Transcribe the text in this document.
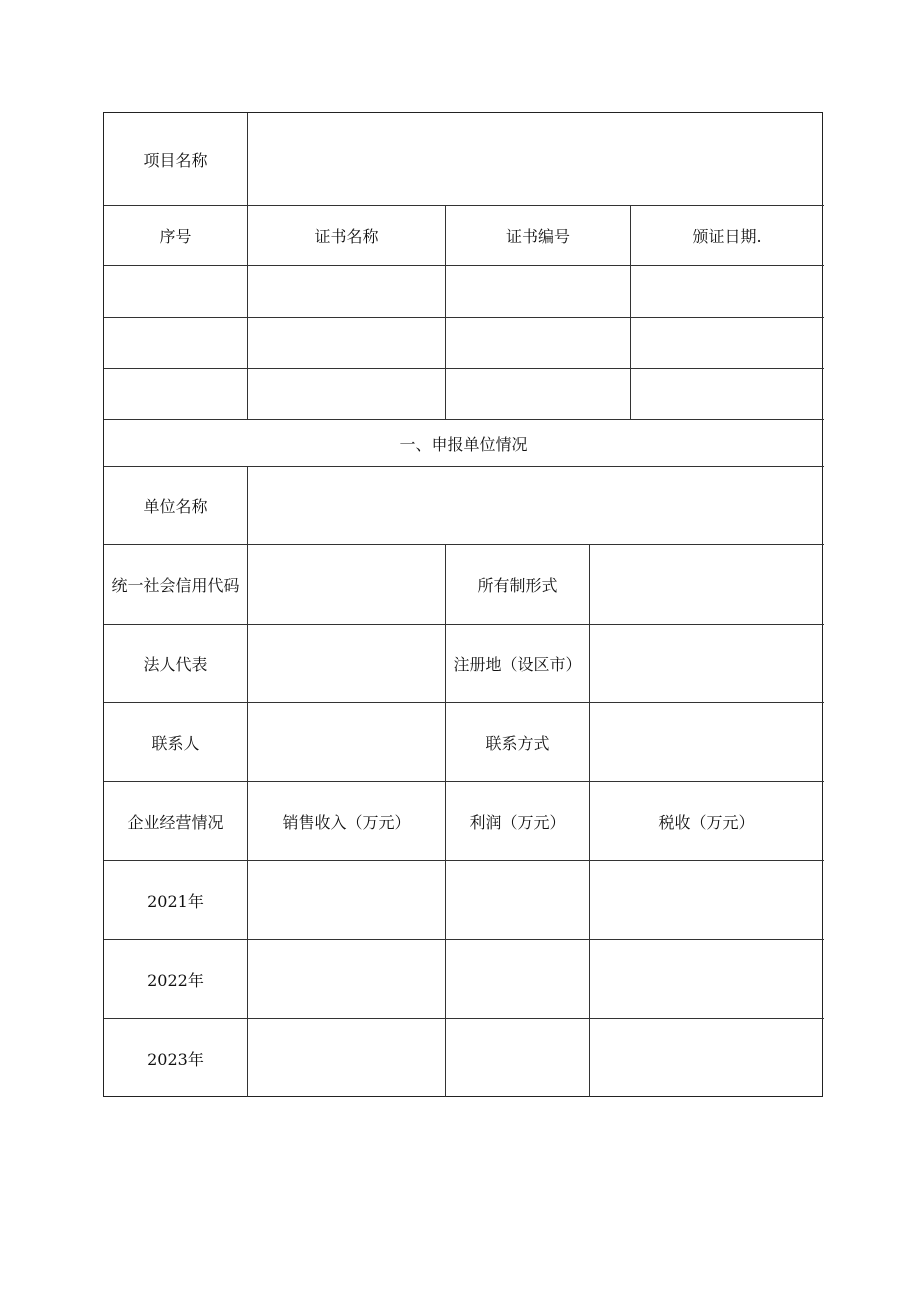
项目名称
序号	证书名称	证书编号	颁证日期.
一、申报单位情况
单位名称
统一社会信用代码	所有制形式
法人代表	注册地（设区市）
联系人	联系方式
企业经营情况	销售收入（万元）	利润（万元）	税收（万元）
2021年
2022年
2023年
